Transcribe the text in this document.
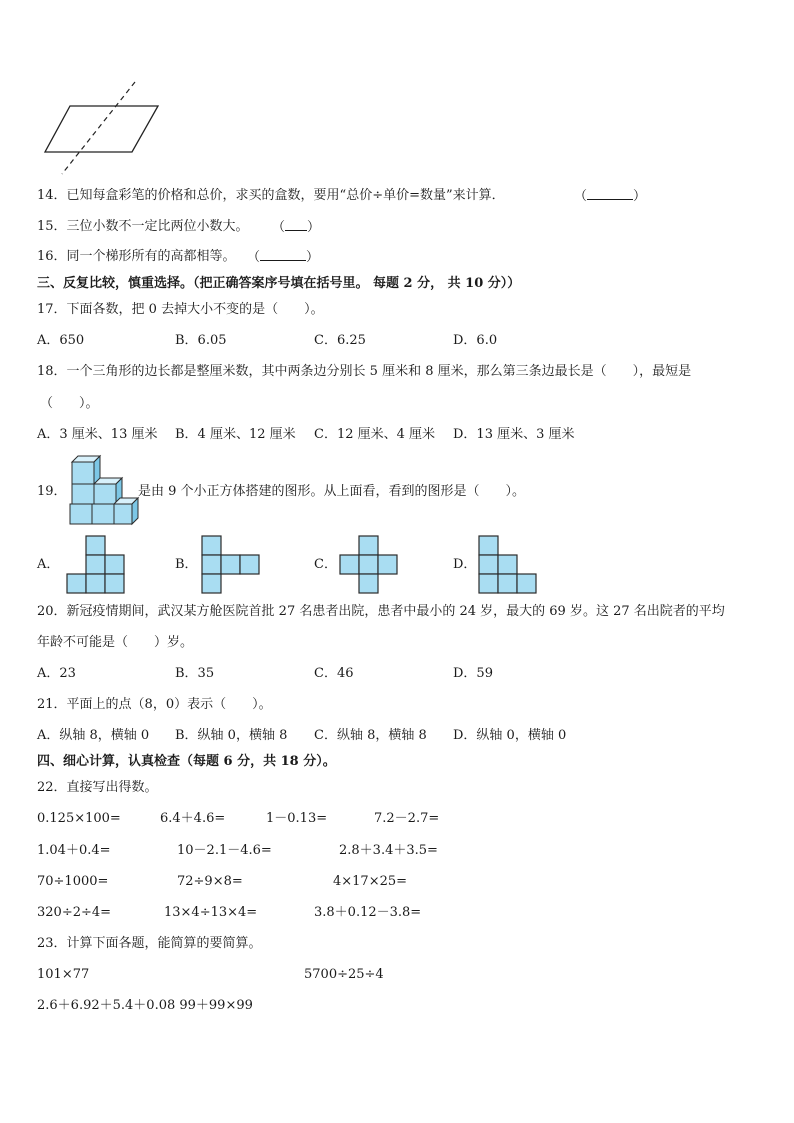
14．已知每盒彩笔的价格和总价，求买的盒数，要用“总价÷单价=数量”来计算．	（	）
15．三位小数不一定比两位小数大。 （ ）
16．同一个梯形所有的高都相等。 （	）
三、反复比较，慎重选择。（把正确答案序号填在括号里。 每题 2 分， 共 10 分））
17．下面各数，把 0 去掉大小不变的是（　　）。
A．650	B．6.05	C．6.25	D．6.0
18．一个三角形的边长都是整厘米数，其中两条边分别长 5 厘米和 8 厘米，那么第三条边最长是（　　），最短是
（　　）。
A．3 厘米、13 厘米 B．4 厘米、12 厘米 C．12 厘米、4 厘米 D．13 厘米、3 厘米
19．	是由 9 个小正方体搭建的图形。从上面看，看到的图形是（　　）。
A．	B．	C．	D．
20．新冠疫情期间，武汉某方舱医院首批 27 名患者出院，患者中最小的 24 岁，最大的 69 岁。这 27 名出院者的平均
年龄不可能是（　　）岁。
A．23	B．35	C．46	D．59
21．平面上的点（8，0）表示（　　）。
A．纵轴 8，横轴 0 B．纵轴 0，横轴 8 C．纵轴 8，横轴 8 D．纵轴 0，横轴 0
四、细心计算，认真检查（每题 6 分，共 18 分）。
22．直接写出得数。
0.125×100=	6.4＋4.6=	1－0.13=	7.2－2.7=
1.04＋0.4=	10－2.1－4.6=	2.8＋3.4＋3.5=
70÷1000=	72÷9×8=	4×17×25=
320÷2÷4=	13×4÷13×4=	3.8＋0.12－3.8=
23．计算下面各题，能简算的要简算。
101×77	5700÷25÷4
2.6＋6.92＋5.4＋0.08 99＋99×99
